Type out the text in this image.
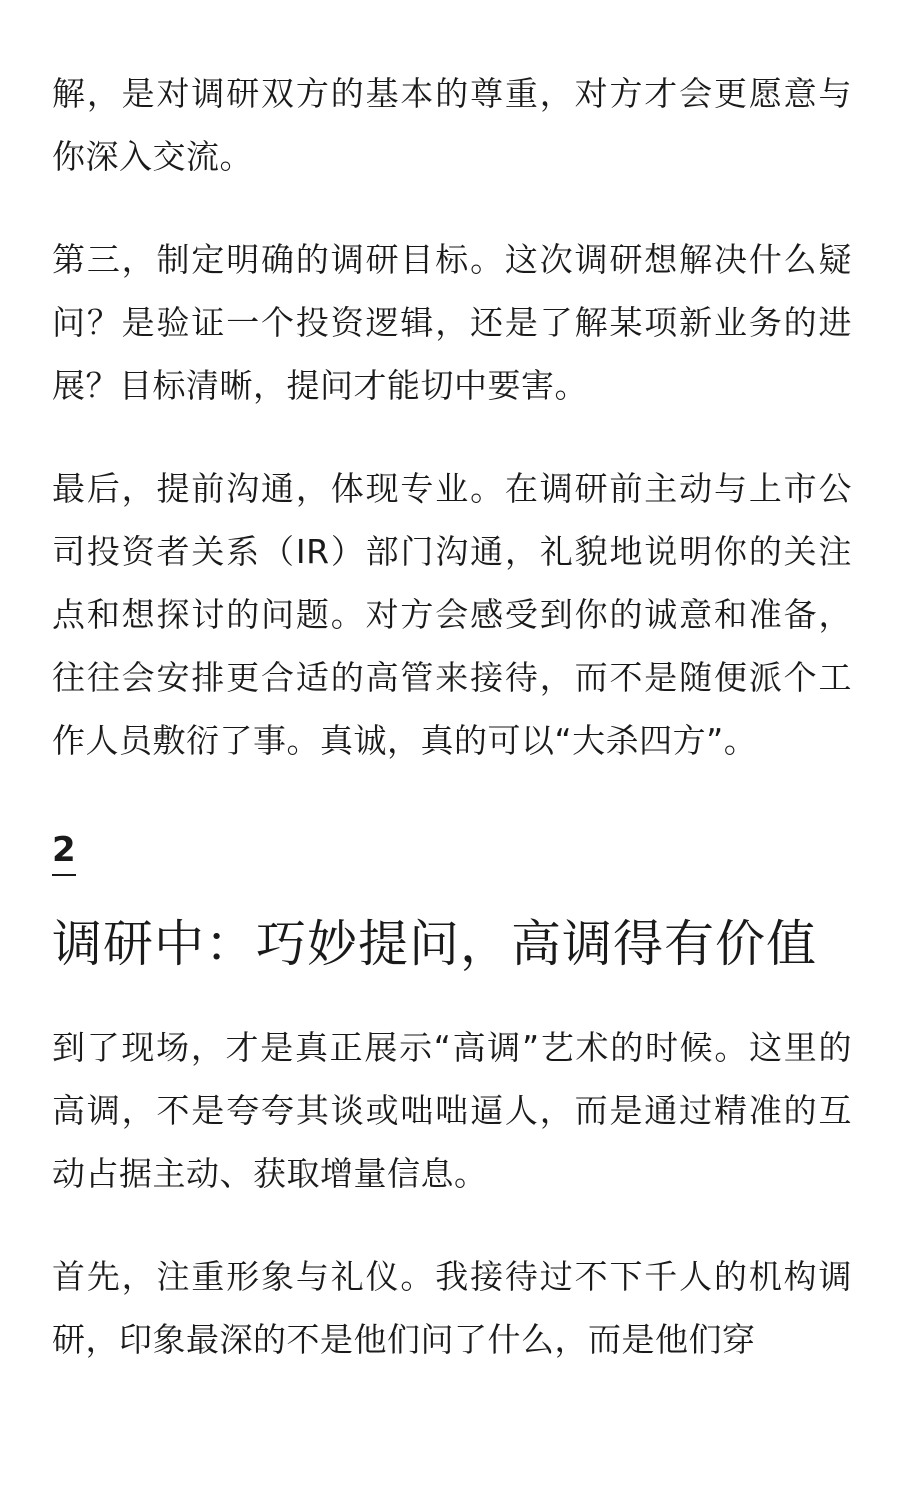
解，是对调研双方的基本的尊重，对方才会更愿意与你深入交流。

第三，制定明确的调研目标。这次调研想解决什么疑问？是验证一个投资逻辑，还是了解某项新业务的进展？目标清晰，提问才能切中要害。

最后，提前沟通，体现专业。在调研前主动与上市公司投资者关系（IR）部门沟通，礼貌地说明你的关注点和想探讨的问题。对方会感受到你的诚意和准备，往往会安排更合适的高管来接待，而不是随便派个工作人员敷衍了事。真诚，真的可以“大杀四方”。

2
调研中：巧妙提问，高调得有价值

到了现场，才是真正展示“高调”艺术的时候。这里的高调，不是夸夸其谈或咄咄逼人，而是通过精准的互动占据主动、获取增量信息。

首先，注重形象与礼仪。我接待过不下千人的机构调研，印象最深的不是他们问了什么，而是他们穿
